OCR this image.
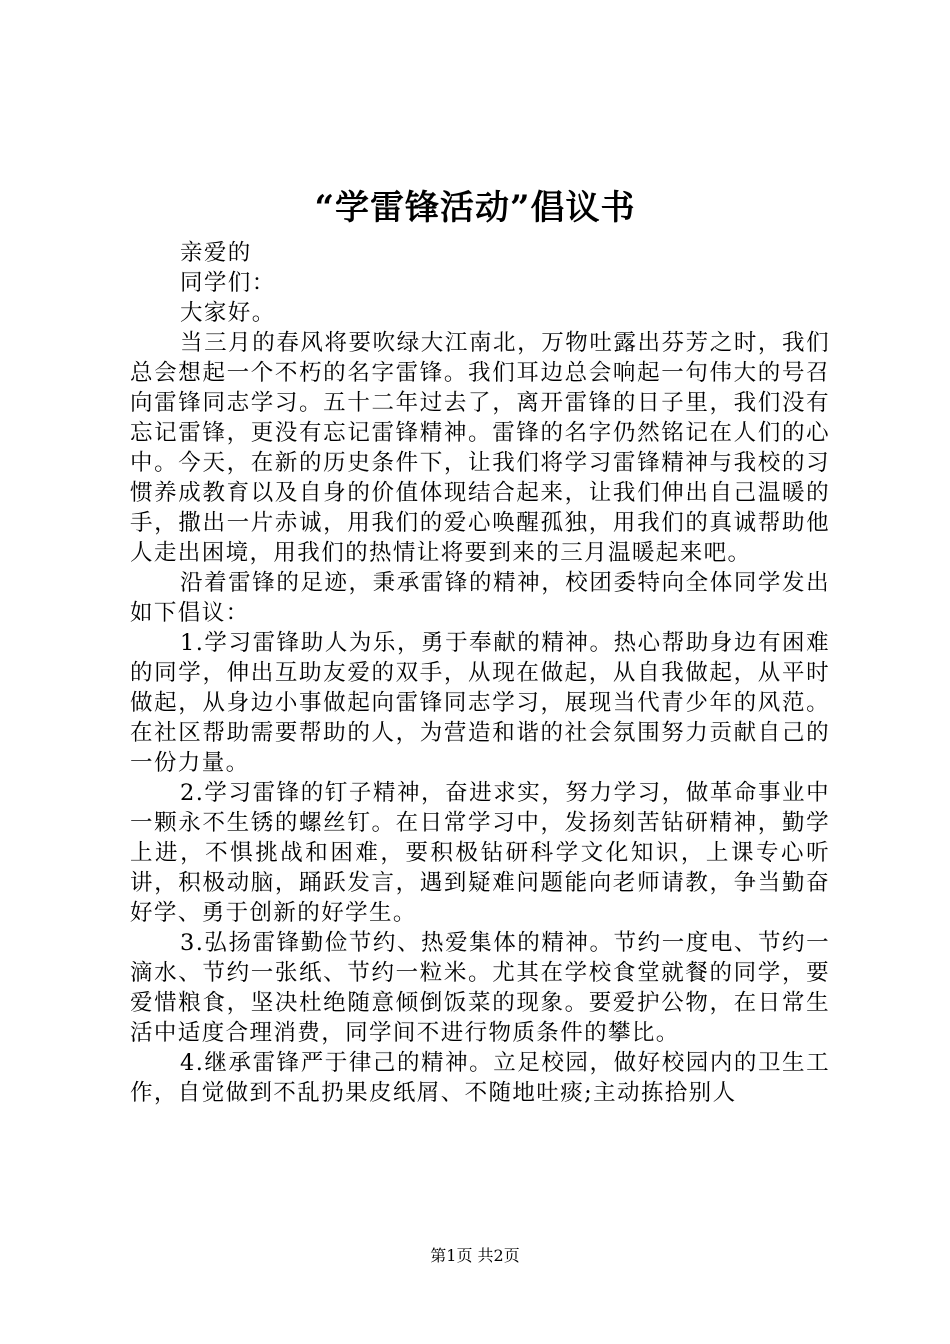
“学雷锋活动”倡议书

亲爱的

同学们：

大家好。

当三月的春风将要吹绿大江南北，万物吐露出芬芳之时，我们总会想起一个不朽的名字雷锋。我们耳边总会响起一句伟大的号召向雷锋同志学习。五十二年过去了，离开雷锋的日子里，我们没有忘记雷锋，更没有忘记雷锋精神。雷锋的名字仍然铭记在人们的心中。今天，在新的历史条件下，让我们将学习雷锋精神与我校的习惯养成教育以及自身的价值体现结合起来，让我们伸出自己温暖的手，撒出一片赤诚，用我们的爱心唤醒孤独，用我们的真诚帮助他人走出困境，用我们的热情让将要到来的三月温暖起来吧。

沿着雷锋的足迹，秉承雷锋的精神，校团委特向全体同学发出如下倡议：

1.学习雷锋助人为乐，勇于奉献的精神。热心帮助身边有困难的同学，伸出互助友爱的双手，从现在做起，从自我做起，从平时做起，从身边小事做起向雷锋同志学习，展现当代青少年的风范。在社区帮助需要帮助的人，为营造和谐的社会氛围努力贡献自己的一份力量。

2.学习雷锋的钉子精神，奋进求实，努力学习，做革命事业中一颗永不生锈的螺丝钉。在日常学习中，发扬刻苦钻研精神，勤学上进，不惧挑战和困难，要积极钻研科学文化知识，上课专心听讲，积极动脑，踊跃发言，遇到疑难问题能向老师请教，争当勤奋好学、勇于创新的好学生。

3.弘扬雷锋勤俭节约、热爱集体的精神。节约一度电、节约一滴水、节约一张纸、节约一粒米。尤其在学校食堂就餐的同学，要爱惜粮食，坚决杜绝随意倾倒饭菜的现象。要爱护公物，在日常生活中适度合理消费，同学间不进行物质条件的攀比。

4.继承雷锋严于律己的精神。立足校园，做好校园内的卫生工作，自觉做到不乱扔果皮纸屑、不随地吐痰;主动拣拾别人

第1页 共2页
